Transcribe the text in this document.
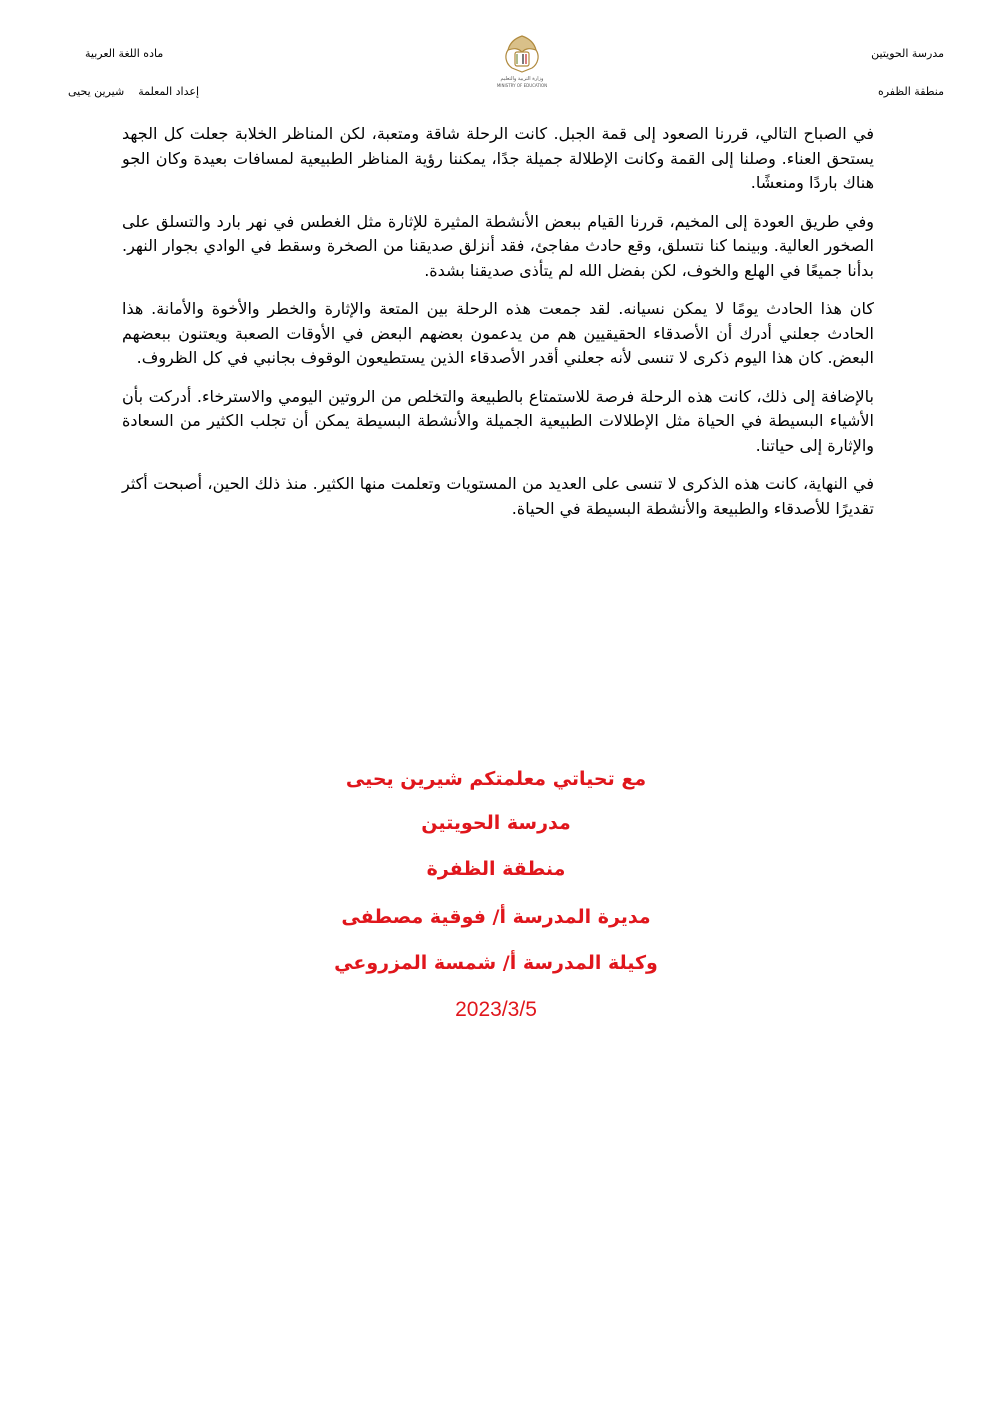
مدرسة الحويتين
منطقة الظفره
ماده اللغة العربية
إعداد المعلمةشيرين يحيى
وزارة التربية والتعليم
MINISTRY OF EDUCATION

في الصباح التالي، قررنا الصعود إلى قمة الجبل. كانت الرحلة شاقة ومتعبة، لكن المناظر الخلابة جعلت كل الجهد يستحق العناء. وصلنا إلى القمة وكانت الإطلالة جميلة جدًا، يمكننا رؤية المناظر الطبيعية لمسافات بعيدة وكان الجو هناك باردًا ومنعشًا.

وفي طريق العودة إلى المخيم، قررنا القيام ببعض الأنشطة المثيرة للإثارة مثل الغطس في نهر بارد والتسلق على الصخور العالية. وبينما كنا نتسلق، وقع حادث مفاجئ، فقد أنزلق صديقنا من الصخرة وسقط في الوادي بجوار النهر. بدأنا جميعًا في الهلع والخوف، لكن بفضل الله لم يتأذى صديقنا بشدة.

كان هذا الحادث يومًا لا يمكن نسيانه. لقد جمعت هذه الرحلة بين المتعة والإثارة والخطر والأخوة والأمانة. هذا الحادث جعلني أدرك أن الأصدقاء الحقيقيين هم من يدعمون بعضهم البعض في الأوقات الصعبة ويعتنون ببعضهم البعض. كان هذا اليوم ذكرى لا تنسى لأنه جعلني أقدر الأصدقاء الذين يستطيعون الوقوف بجانبي في كل الظروف.

بالإضافة إلى ذلك، كانت هذه الرحلة فرصة للاستمتاع بالطبيعة والتخلص من الروتين اليومي والاسترخاء. أدركت بأن الأشياء البسيطة في الحياة مثل الإطلالات الطبيعية الجميلة والأنشطة البسيطة يمكن أن تجلب الكثير من السعادة والإثارة إلى حياتنا.

في النهاية، كانت هذه الذكرى لا تنسى على العديد من المستويات وتعلمت منها الكثير. منذ ذلك الحين، أصبحت أكثر تقديرًا للأصدقاء والطبيعة والأنشطة البسيطة في الحياة.

مع تحياتي معلمتكم شيرين يحيى
مدرسة الحويتين
منطقة الظفرة
مديرة المدرسة أ/ فوقية مصطفى
وكيلة المدرسة أ/ شمسة المزروعي
2023/3/5
